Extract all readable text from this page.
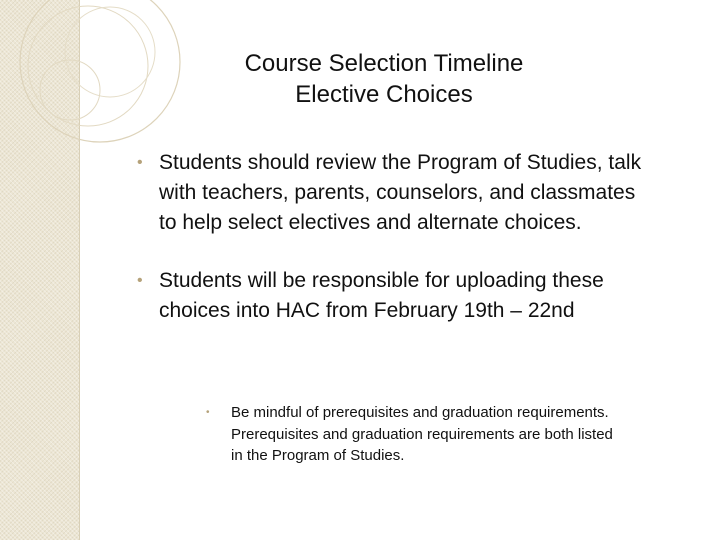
Course Selection Timeline
Elective Choices
• Students should review the Program of Studies, talk with teachers, parents, counselors, and classmates to help select electives and alternate choices.
• Students will be responsible for uploading these choices into HAC from February 19th – 22nd
• Be mindful of prerequisites and graduation requirements. Prerequisites and graduation requirements are both listed in the Program of Studies.
